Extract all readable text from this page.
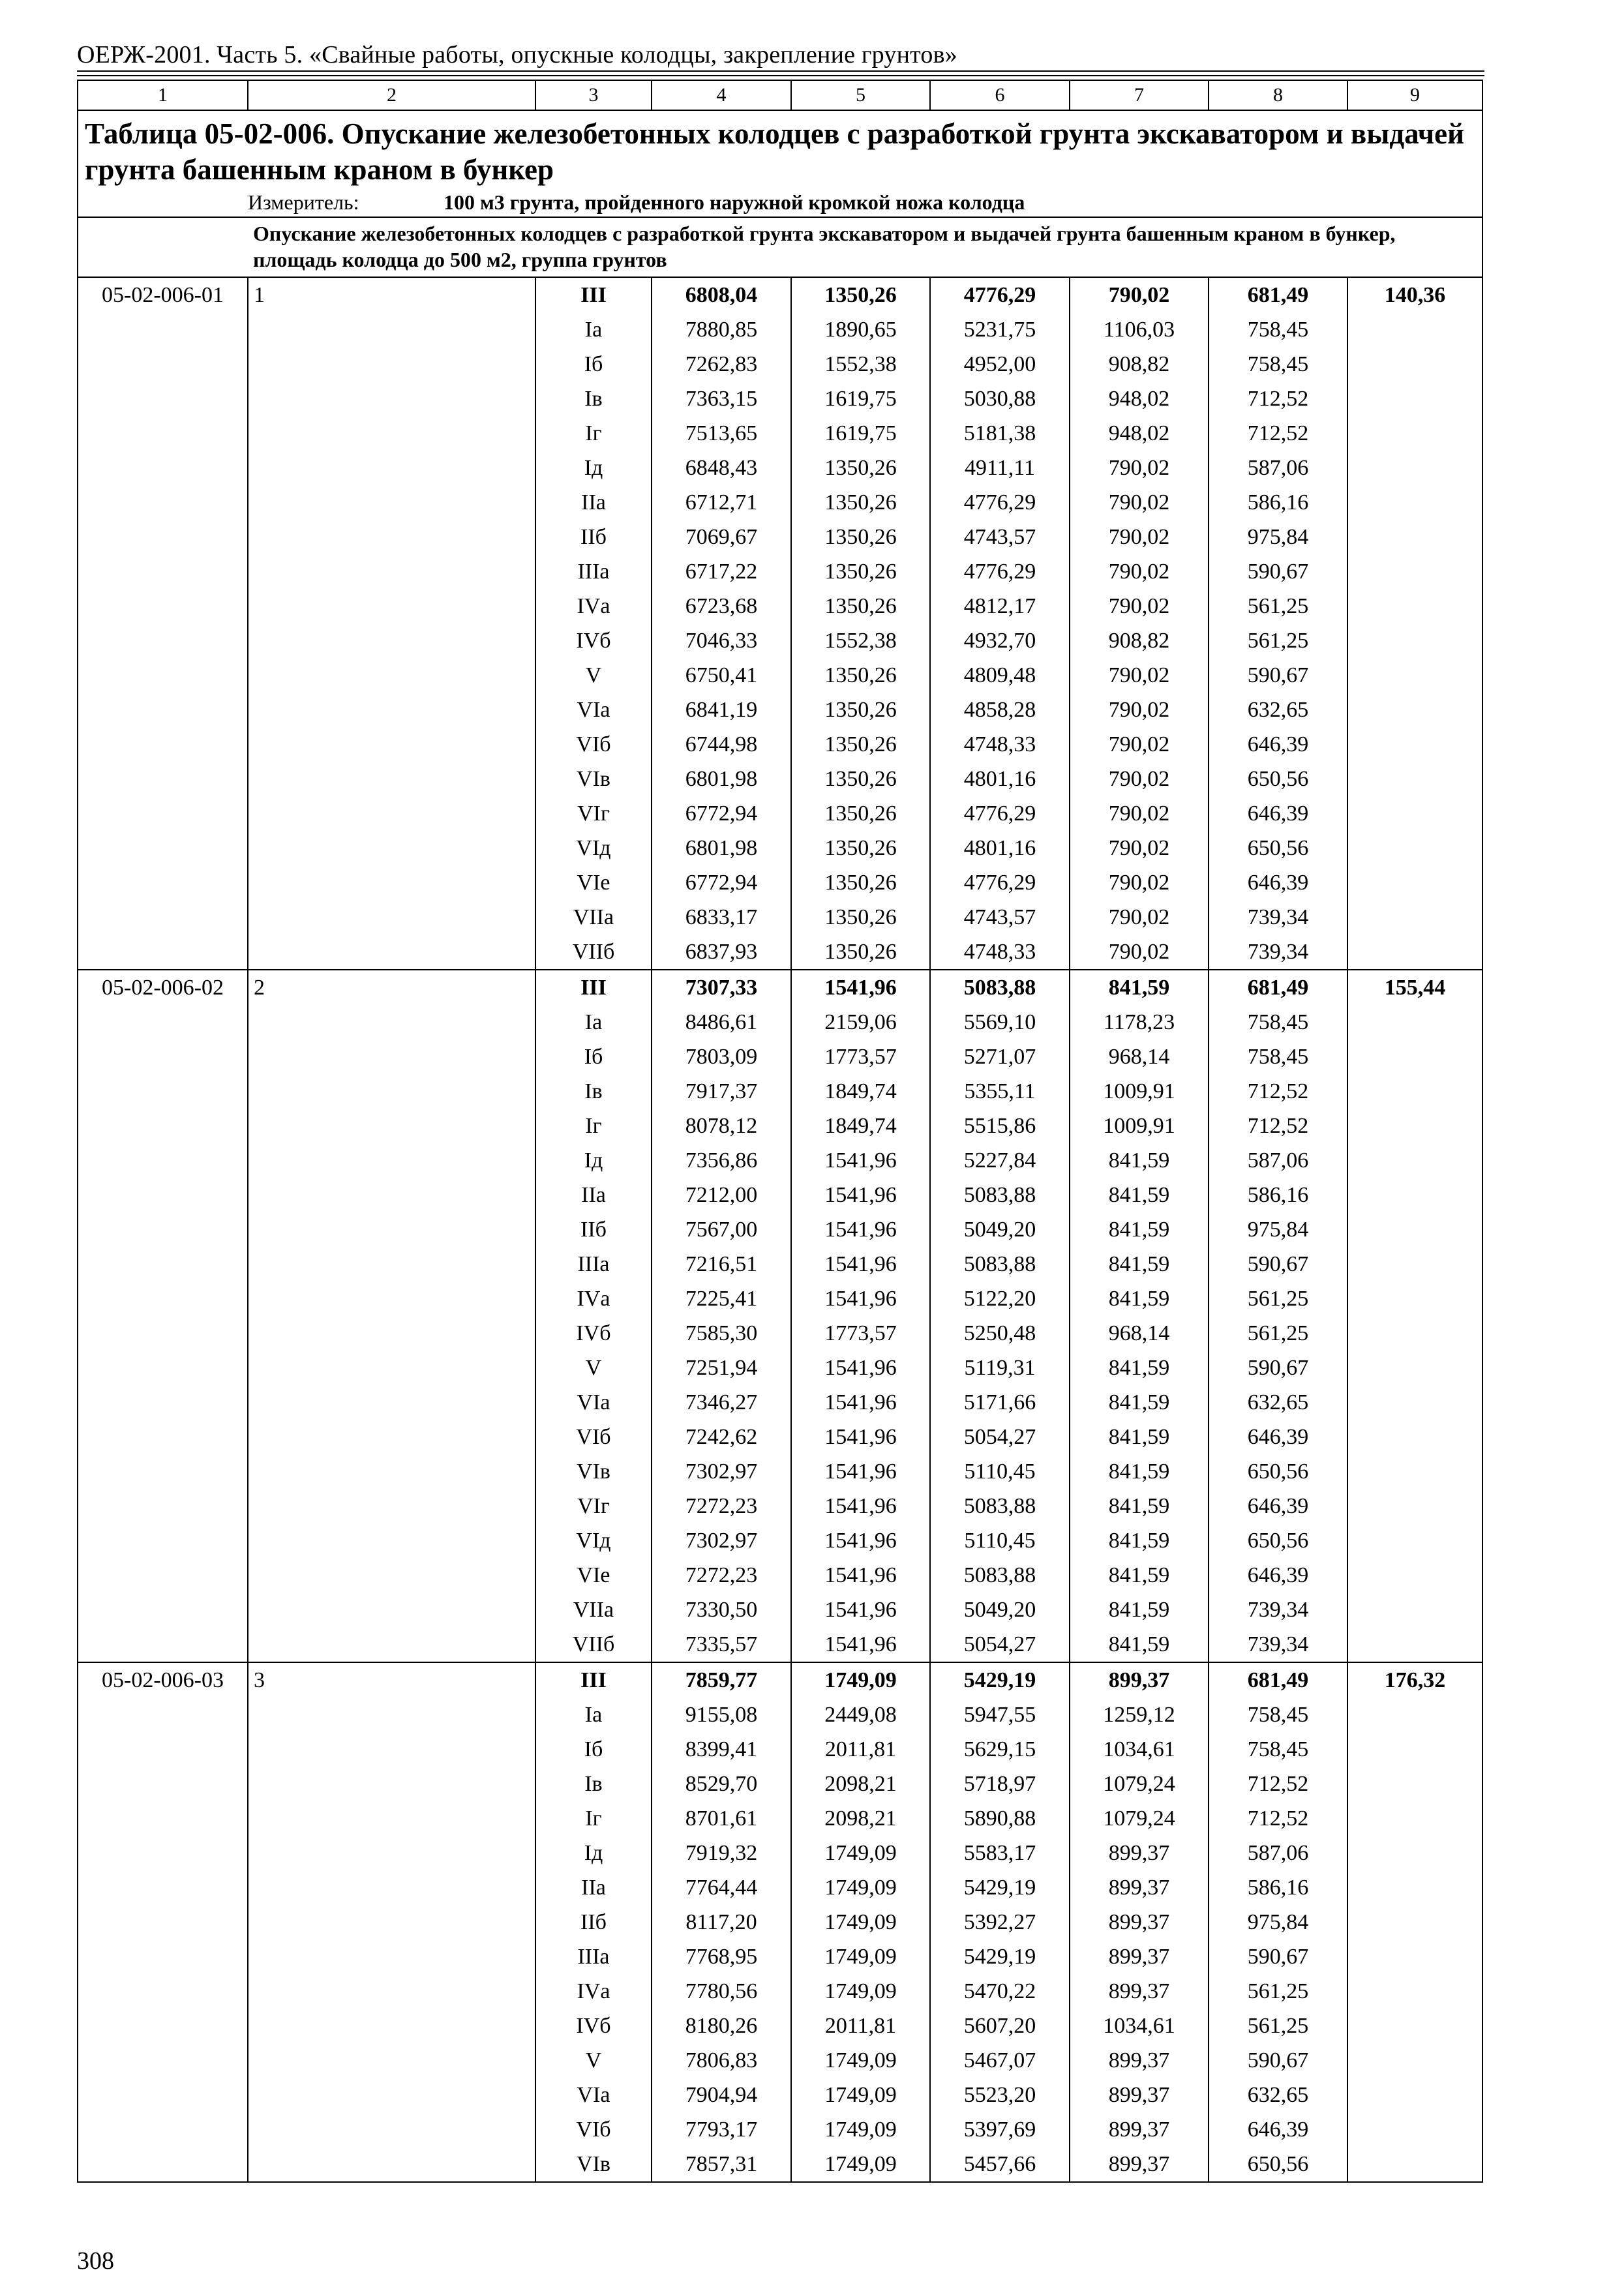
ОЕРЖ-2001. Часть 5. «Свайные работы, опускные колодцы, закрепление грунтов»
1	2	3	4	5	6	7	8	9

Таблица 05-02-006. Опускание железобетонных колодцев с разработкой грунта экскаватором и выдачей грунта башенным краном в бункер
Измеритель: 100 м3 грунта, пройденного наружной кромкой ножа колодца								

Опускание железобетонных колодцев с разработкой грунта экскаватором и выдачей грунта башенным краном в бункер, площадь колодца до 500 м2, группа грунтов								

05-02-006-01	1	III	6808,04	1350,26	4776,29	790,02	681,49	140,36
		Iа	7880,85	1890,65	5231,75	1106,03	758,45	
		Iб	7262,83	1552,38	4952,00	908,82	758,45	
		Iв	7363,15	1619,75	5030,88	948,02	712,52	
		Iг	7513,65	1619,75	5181,38	948,02	712,52	
		Iд	6848,43	1350,26	4911,11	790,02	587,06	
		IIа	6712,71	1350,26	4776,29	790,02	586,16	
		IIб	7069,67	1350,26	4743,57	790,02	975,84	
		IIIа	6717,22	1350,26	4776,29	790,02	590,67	
		IVа	6723,68	1350,26	4812,17	790,02	561,25	
		IVб	7046,33	1552,38	4932,70	908,82	561,25	
		V	6750,41	1350,26	4809,48	790,02	590,67	
		VIа	6841,19	1350,26	4858,28	790,02	632,65	
		VIб	6744,98	1350,26	4748,33	790,02	646,39	
		VIв	6801,98	1350,26	4801,16	790,02	650,56	
		VIг	6772,94	1350,26	4776,29	790,02	646,39	
		VIд	6801,98	1350,26	4801,16	790,02	650,56	
		VIе	6772,94	1350,26	4776,29	790,02	646,39	
		VIIа	6833,17	1350,26	4743,57	790,02	739,34	
		VIIб	6837,93	1350,26	4748,33	790,02	739,34	
05-02-006-02	2	III	7307,33	1541,96	5083,88	841,59	681,49	155,44
		Iа	8486,61	2159,06	5569,10	1178,23	758,45	
		Iб	7803,09	1773,57	5271,07	968,14	758,45	
		Iв	7917,37	1849,74	5355,11	1009,91	712,52	
		Iг	8078,12	1849,74	5515,86	1009,91	712,52	
		Iд	7356,86	1541,96	5227,84	841,59	587,06	
		IIа	7212,00	1541,96	5083,88	841,59	586,16	
		IIб	7567,00	1541,96	5049,20	841,59	975,84	
		IIIа	7216,51	1541,96	5083,88	841,59	590,67	
		IVа	7225,41	1541,96	5122,20	841,59	561,25	
		IVб	7585,30	1773,57	5250,48	968,14	561,25	
		V	7251,94	1541,96	5119,31	841,59	590,67	
		VIа	7346,27	1541,96	5171,66	841,59	632,65	
		VIб	7242,62	1541,96	5054,27	841,59	646,39	
		VIв	7302,97	1541,96	5110,45	841,59	650,56	
		VIг	7272,23	1541,96	5083,88	841,59	646,39	
		VIд	7302,97	1541,96	5110,45	841,59	650,56	
		VIе	7272,23	1541,96	5083,88	841,59	646,39	
		VIIа	7330,50	1541,96	5049,20	841,59	739,34	
		VIIб	7335,57	1541,96	5054,27	841,59	739,34	
05-02-006-03	3	III	7859,77	1749,09	5429,19	899,37	681,49	176,32
		Iа	9155,08	2449,08	5947,55	1259,12	758,45	
		Iб	8399,41	2011,81	5629,15	1034,61	758,45	
		Iв	8529,70	2098,21	5718,97	1079,24	712,52	
		Iг	8701,61	2098,21	5890,88	1079,24	712,52	
		Iд	7919,32	1749,09	5583,17	899,37	587,06	
		IIа	7764,44	1749,09	5429,19	899,37	586,16	
		IIб	8117,20	1749,09	5392,27	899,37	975,84	
		IIIа	7768,95	1749,09	5429,19	899,37	590,67	
		IVа	7780,56	1749,09	5470,22	899,37	561,25	
		IVб	8180,26	2011,81	5607,20	1034,61	561,25	
		V	7806,83	1749,09	5467,07	899,37	590,67	
		VIа	7904,94	1749,09	5523,20	899,37	632,65	
		VIб	7793,17	1749,09	5397,69	899,37	646,39	
		VIв	7857,31	1749,09	5457,66	899,37	650,56	
308
